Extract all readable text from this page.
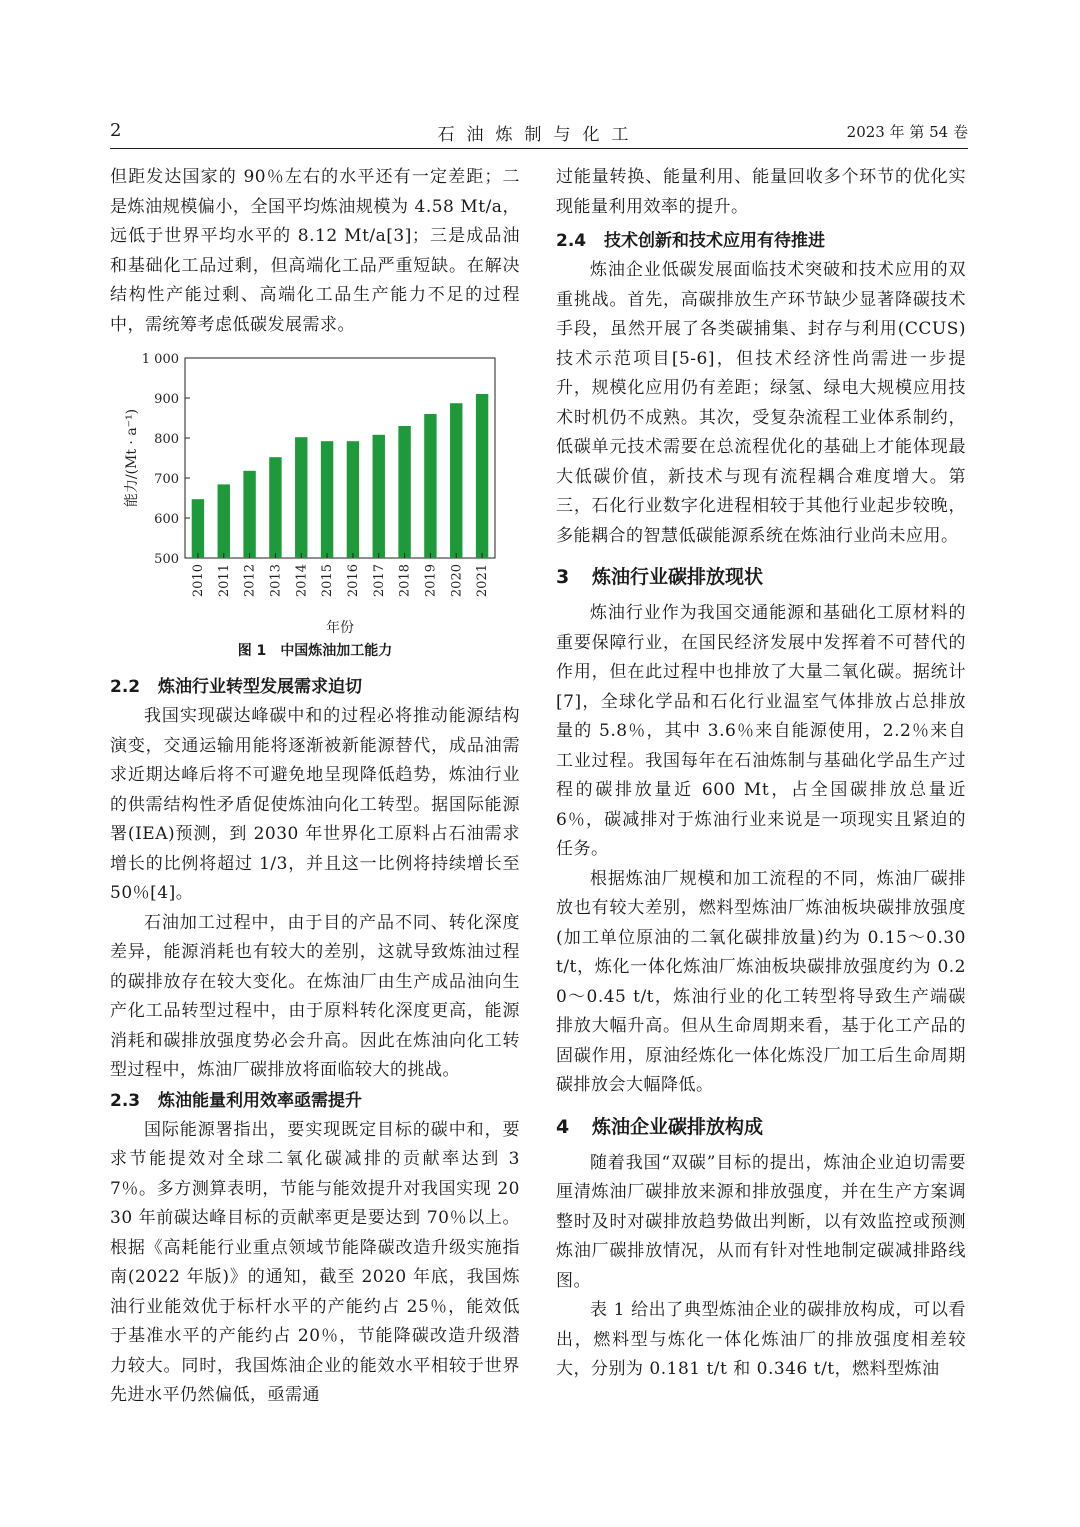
2	石油炼制与化工	2023 年 第 54 卷

但距发达国家的 90％左右的水平还有一定差距；二是炼油规模偏小，全国平均炼油规模为 4.58 Mt/a，远低于世界平均水平的 8.12 Mt/a[3]；三是成品油和基础化工品过剩，但高端化工品严重短缺。在解决结构性产能过剩、高端化工品生产能力不足的过程中，需统筹考虑低碳发展需求。

500
600
700
800
900
1 000
2010 2011 2012 2013 2014 2015 2016 2017 2018 2019 2020 2021
年份
能力/(Mt · a⁻¹)

图 1 中国炼油加工能力

2.2 炼油行业转型发展需求迫切

我国实现碳达峰碳中和的过程必将推动能源结构演变，交通运输用能将逐渐被新能源替代，成品油需求近期达峰后将不可避免地呈现降低趋势，炼油行业的供需结构性矛盾促使炼油向化工转型。据国际能源署(IEA)预测，到 2030 年世界化工原料占石油需求增长的比例将超过 1/3，并且这一比例将持续增长至 50％[4]。

石油加工过程中，由于目的产品不同、转化深度差异，能源消耗也有较大的差别，这就导致炼油过程的碳排放存在较大变化。在炼油厂由生产成品油向生产化工品转型过程中，由于原料转化深度更高，能源消耗和碳排放强度势必会升高。因此在炼油向化工转型过程中，炼油厂碳排放将面临较大的挑战。

2.3 炼油能量利用效率亟需提升

国际能源署指出，要实现既定目标的碳中和，要求节能提效对全球二氧化碳减排的贡献率达到 37％。多方测算表明，节能与能效提升对我国实现 2030 年前碳达峰目标的贡献率更是要达到 70％以上。根据《高耗能行业重点领域节能降碳改造升级实施指南(2022 年版)》的通知，截至 2020 年底，我国炼油行业能效优于标杆水平的产能约占 25％，能效低于基准水平的产能约占 20％，节能降碳改造升级潜力较大。同时，我国炼油企业的能效水平相较于世界先进水平仍然偏低，亟需通

过能量转换、能量利用、能量回收多个环节的优化实现能量利用效率的提升。

2.4 技术创新和技术应用有待推进

炼油企业低碳发展面临技术突破和技术应用的双重挑战。首先，高碳排放生产环节缺少显著降碳技术手段，虽然开展了各类碳捕集、封存与利用(CCUS)技术示范项目[5-6]，但技术经济性尚需进一步提升，规模化应用仍有差距；绿氢、绿电大规模应用技术时机仍不成熟。其次，受复杂流程工业体系制约，低碳单元技术需要在总流程优化的基础上才能体现最大低碳价值，新技术与现有流程耦合难度增大。第三，石化行业数字化进程相较于其他行业起步较晚，多能耦合的智慧低碳能源系统在炼油行业尚未应用。

3 炼油行业碳排放现状

炼油行业作为我国交通能源和基础化工原材料的重要保障行业，在国民经济发展中发挥着不可替代的作用，但在此过程中也排放了大量二氧化碳。据统计[7]，全球化学品和石化行业温室气体排放占总排放量的 5.8％，其中 3.6％来自能源使用，2.2％来自工业过程。我国每年在石油炼制与基础化学品生产过程的碳排放量近 600 Mt，占全国碳排放总量近 6％，碳减排对于炼油行业来说是一项现实且紧迫的任务。

根据炼油厂规模和加工流程的不同，炼油厂碳排放也有较大差别，燃料型炼油厂炼油板块碳排放强度(加工单位原油的二氧化碳排放量)约为 0.15～0.30 t/t，炼化一体化炼油厂炼油板块碳排放强度约为 0.20～0.45 t/t，炼油行业的化工转型将导致生产端碳排放大幅升高。但从生命周期来看，基于化工产品的固碳作用，原油经炼化一体化炼没厂加工后生命周期碳排放会大幅降低。

4 炼油企业碳排放构成

随着我国“双碳”目标的提出，炼油企业迫切需要厘清炼油厂碳排放来源和排放强度，并在生产方案调整时及时对碳排放趋势做出判断，以有效监控或预测炼油厂碳排放情况，从而有针对性地制定碳减排路线图。

表 1 给出了典型炼油企业的碳排放构成，可以看出，燃料型与炼化一体化炼油厂的排放强度相差较大，分别为 0.181 t/t 和 0.346 t/t，燃料型炼油
